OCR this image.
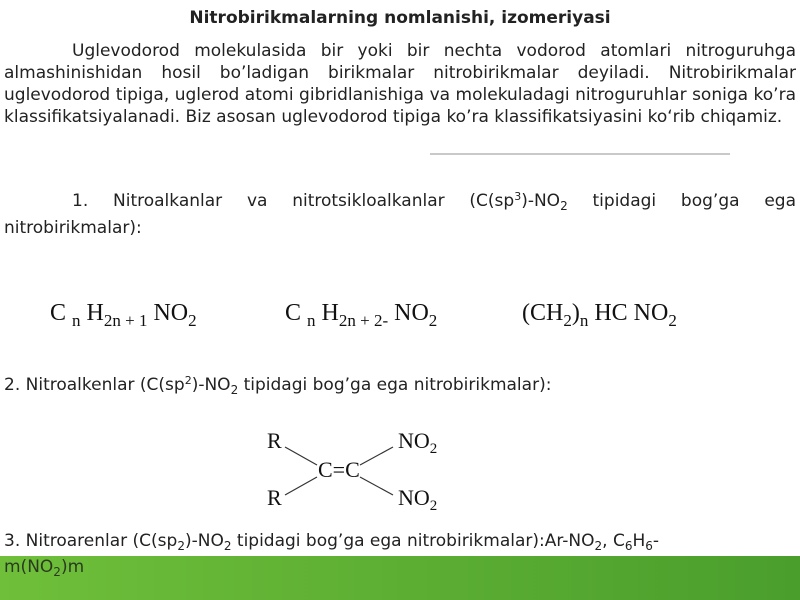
Nitrobirikmalarning nomlanishi, izomeriyasi
Uglevodorod molekulasida bir yoki bir nechta vodorod atomlari nitroguruhga almashinishidan hosil bo’ladigan birikmalar nitrobirikmalar deyiladi. Nitrobirikmalar uglevodorod tipiga, uglerod atomi gibridlanishiga va molekuladagi nitroguruhlar soniga ko’ra klassifikatsiyalanadi. Biz asosan uglevodorod tipiga ko’ra klassifikatsiyasini ko‘rib chiqamiz.
1. Nitroalkanlar va nitrotsikloalkanlar ($C(sp^3)-NO_2$ tipidagi bog’ga ega nitrobirikmalar):
C $_n$ $H_{2n + 1}$ $NO_2$	C $_n$ $H_{2n + 2-}$ $NO_2$	$(CH_2)_n$ HC $NO_2$
2. Nitroalkenlar ($C(sp^2)-NO_2$ tipidagi bog’ga ega nitrobirikmalar):
R
R
C=C
$NO_2$
$NO_2$
3. Nitroarenlar ($C(sp_2)-NO_2$ tipidagi bog’ga ega $nitrobirikmalar):Ar-NO_2$, $C_6H_6-$
$m(NO_2)m$
